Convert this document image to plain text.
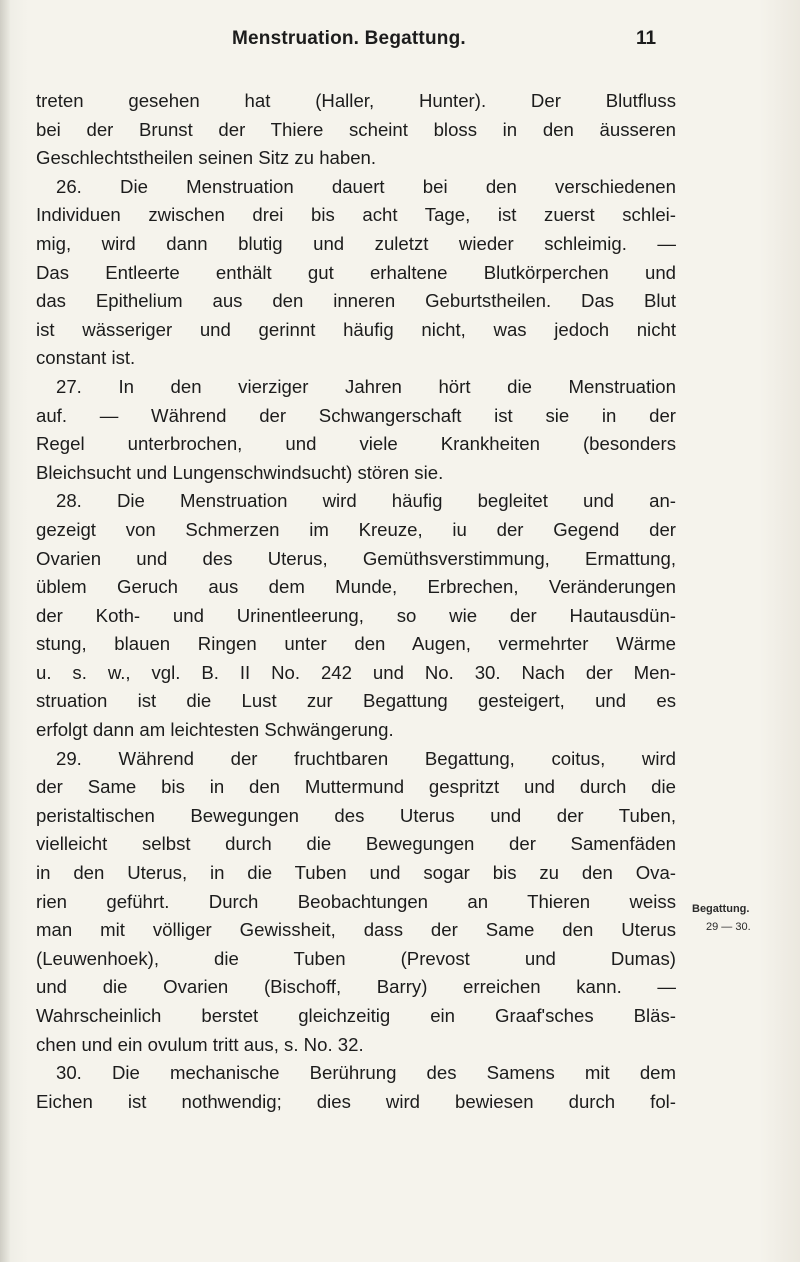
Menstruation. Begattung.	11
treten gesehen hat (Haller, Hunter). Der Blutfluss
bei der Brunst der Thiere scheint bloss in den äusseren
Geschlechtstheilen seinen Sitz zu haben.
26. Die Menstruation dauert bei den verschiedenen
Individuen zwischen drei bis acht Tage, ist zuerst schlei-
mig, wird dann blutig und zuletzt wieder schleimig. —
Das Entleerte enthält gut erhaltene Blutkörperchen und
das Epithelium aus den inneren Geburtstheilen. Das Blut
ist wässeriger und gerinnt häufig nicht, was jedoch nicht
constant ist.
27. In den vierziger Jahren hört die Menstruation
auf. — Während der Schwangerschaft ist sie in der
Regel unterbrochen, und viele Krankheiten (besonders
Bleichsucht und Lungenschwindsucht) stören sie.
28. Die Menstruation wird häufig begleitet und an-
gezeigt von Schmerzen im Kreuze, iu der Gegend der
Ovarien und des Uterus, Gemüthsverstimmung, Ermattung,
üblem Geruch aus dem Munde, Erbrechen, Veränderungen
der Koth- und Urinentleerung, so wie der Hautausdün-
stung, blauen Ringen unter den Augen, vermehrter Wärme
u. s. w., vgl. B. II No. 242 und No. 30. Nach der Men-
struation ist die Lust zur Begattung gesteigert, und es
erfolgt dann am leichtesten Schwängerung.
29. Während der fruchtbaren Begattung, coitus, wird
der Same bis in den Muttermund gespritzt und durch die
peristaltischen Bewegungen des Uterus und der Tuben,
vielleicht selbst durch die Bewegungen der Samenfäden
in den Uterus, in die Tuben und sogar bis zu den Ova-
rien geführt. Durch Beobachtungen an Thieren weiss
man mit völliger Gewissheit, dass der Same den Uterus
(Leuwenhoek), die Tuben (Prevost und Dumas)
und die Ovarien (Bischoff, Barry) erreichen kann. —
Wahrscheinlich berstet gleichzeitig ein Graaf'sches Bläs-
chen und ein ovulum tritt aus, s. No. 32.
30. Die mechanische Berührung des Samens mit dem
Eichen ist nothwendig; dies wird bewiesen durch fol-
Begattung.
29 — 30.
